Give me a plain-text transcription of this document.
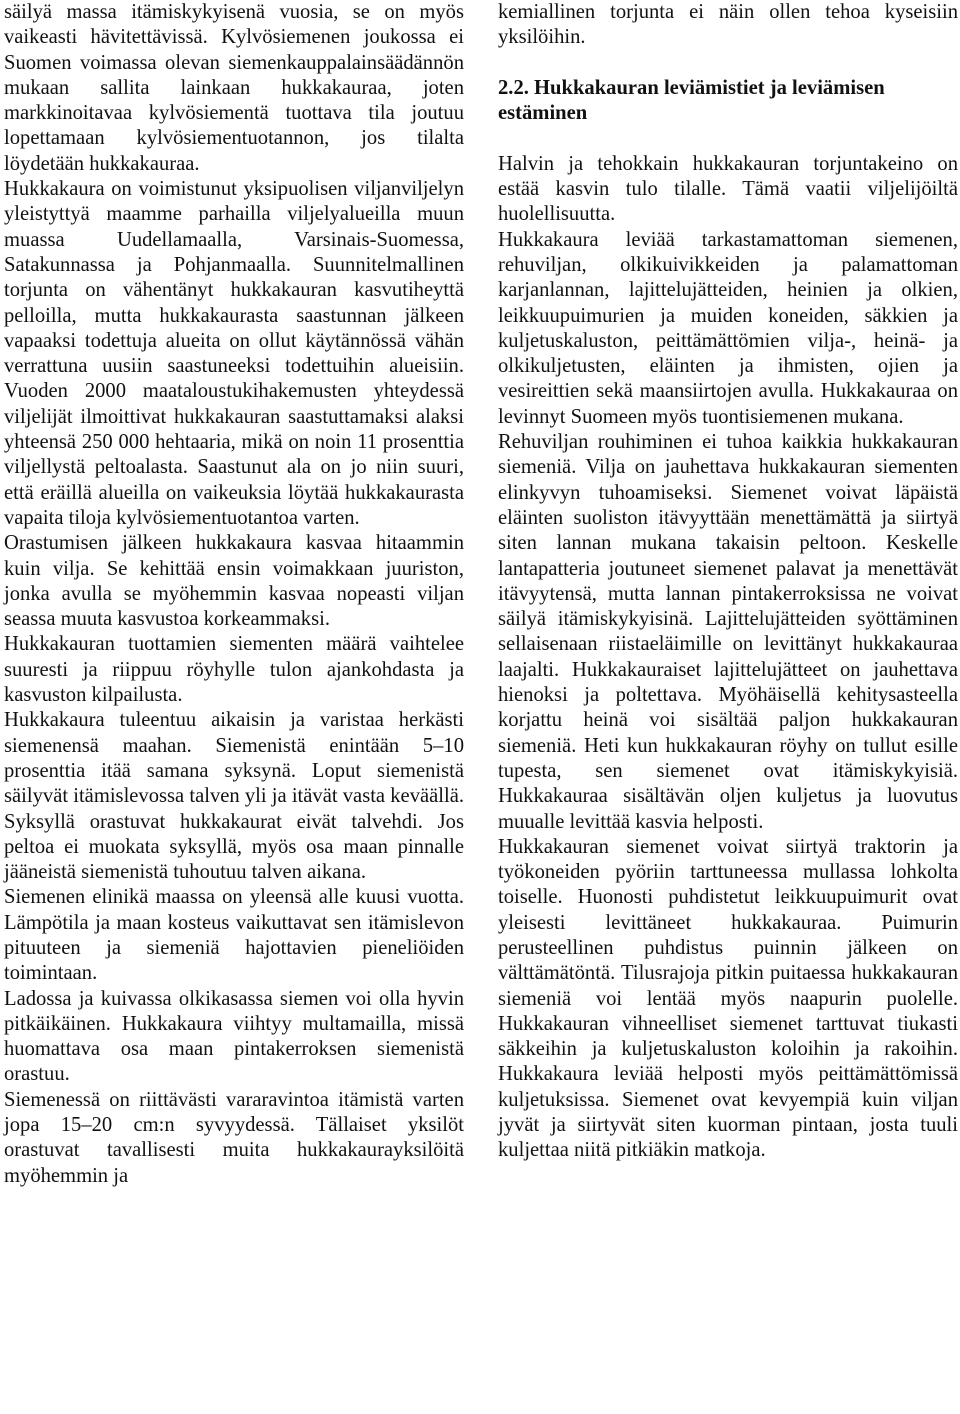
säilyä massa itämiskykyisenä vuosia, se on myös vaikeasti hävitettävissä. Kylvösiemenen joukossa ei Suomen voimassa olevan siemenkauppalainsäädännön mukaan sallita lainkaan hukkakauraa, joten markkinoitavaa kylvösiementä tuottava tila joutuu lopettamaan kylvösiementuotannon, jos tilalta löydetään hukkakauraa.

Hukkakaura on voimistunut yksipuolisen viljanviljelyn yleistyttyä maamme parhailla viljelyalueilla muun muassa Uudellamaalla, Varsinais-Suomessa, Satakunnassa ja Pohjanmaalla. Suunnitelmallinen torjunta on vähentänyt hukkakauran kasvutiheyttä pelloilla, mutta hukkakaurasta saastunnan jälkeen vapaaksi todettuja alueita on ollut käytännössä vähän verrattuna uusiin saastuneeksi todettuihin alueisiin. Vuoden 2000 maataloustukihakemusten yhteydessä viljelijät ilmoittivat hukkakauran saastuttamaksi alaksi yhteensä 250 000 hehtaaria, mikä on noin 11 prosenttia viljellystä peltoalasta. Saastunut ala on jo niin suuri, että eräillä alueilla on vaikeuksia löytää hukkakaurasta vapaita tiloja kylvösiementuotantoa varten.

Orastumisen jälkeen hukkakaura kasvaa hitaammin kuin vilja. Se kehittää ensin voimakkaan juuriston, jonka avulla se myöhemmin kasvaa nopeasti viljan seassa muuta kasvustoa korkeammaksi.

Hukkakauran tuottamien siementen määrä vaihtelee suuresti ja riippuu röyhylle tulon ajankohdasta ja kasvuston kilpailusta.

Hukkakaura tuleentuu aikaisin ja varistaa herkästi siemenensä maahan. Siemenistä enintään 5–10 prosenttia itää samana syksynä. Loput siemenistä säilyvät itämislevossa talven yli ja itävät vasta keväällä. Syksyllä orastuvat hukkakaurat eivät talvehdi. Jos peltoa ei muokata syksyllä, myös osa maan pinnalle jääneistä siemenistä tuhoutuu talven aikana.

Siemenen elinikä maassa on yleensä alle kuusi vuotta. Lämpötila ja maan kosteus vaikuttavat sen itämislevon pituuteen ja siemeniä hajottavien pieneliöiden toimintaan.

Ladossa ja kuivassa olkikasassa siemen voi olla hyvin pitkäikäinen. Hukkakaura viihtyy multamailla, missä huomattava osa maan pintakerroksen siemenistä orastuu.

Siemenessä on riittävästi vararavintoa itämistä varten jopa 15–20 cm:n syvyydessä. Tällaiset yksilöt orastuvat tavallisesti muita hukkakaurayksilöitä myöhemmin ja

kemiallinen torjunta ei näin ollen tehoa kyseisiin yksilöihin.

2.2. Hukkakauran leviämistiet ja leviämisen estäminen

Halvin ja tehokkain hukkakauran torjuntakeino on estää kasvin tulo tilalle. Tämä vaatii viljelijöiltä huolellisuutta.

Hukkakaura leviää tarkastamattoman siemenen, rehuviljan, olkikuivikkeiden ja palamattoman karjanlannan, lajittelujätteiden, heinien ja olkien, leikkuupuimurien ja muiden koneiden, säkkien ja kuljetuskaluston, peittämättömien vilja-, heinä- ja olkikuljetusten, eläinten ja ihmisten, ojien ja vesireittien sekä maansiirtojen avulla. Hukkakauraa on levinnyt Suomeen myös tuontisiemenen mukana.

Rehuviljan rouhiminen ei tuhoa kaikkia hukkakauran siemeniä. Vilja on jauhettava hukkakauran siementen elinkyvyn tuhoamiseksi. Siemenet voivat läpäistä eläinten suoliston itävyyttään menettämättä ja siirtyä siten lannan mukana takaisin peltoon. Keskelle lantapatteria joutuneet siemenet palavat ja menettävät itävyytensä, mutta lannan pintakerroksissa ne voivat säilyä itämiskykyisinä. Lajittelujätteiden syöttäminen sellaisenaan riistaeläimille on levittänyt hukkakauraa laajalti. Hukkakauraiset lajittelujätteet on jauhettava hienoksi ja poltettava. Myöhäisellä kehitysasteella korjattu heinä voi sisältää paljon hukkakauran siemeniä. Heti kun hukkakauran röyhy on tullut esille tupesta, sen siemenet ovat itämiskykyisiä. Hukkakauraa sisältävän oljen kuljetus ja luovutus muualle levittää kasvia helposti.

Hukkakauran siemenet voivat siirtyä traktorin ja työkoneiden pyöriin tarttuneessa mullassa lohkolta toiselle. Huonosti puhdistetut leikkuupuimurit ovat yleisesti levittäneet hukkakauraa. Puimurin perusteellinen puhdistus puinnin jälkeen on välttämätöntä. Tilusrajoja pitkin puitaessa hukkakauran siemeniä voi lentää myös naapurin puolelle. Hukkakauran vihneelliset siemenet tarttuvat tiukasti säkkeihin ja kuljetuskaluston koloihin ja rakoihin. Hukkakaura leviää helposti myös peittämättömissä kuljetuksissa. Siemenet ovat kevyempiä kuin viljan jyvät ja siirtyvät siten kuorman pintaan, josta tuuli kuljettaa niitä pitkiäkin matkoja.
